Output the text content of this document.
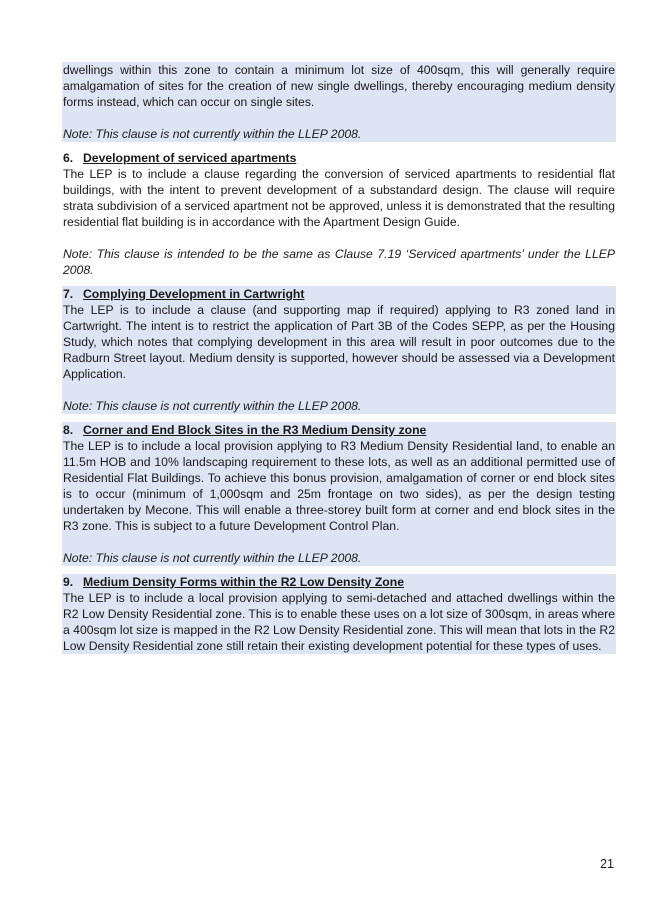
dwellings within this zone to contain a minimum lot size of 400sqm, this will generally require amalgamation of sites for the creation of new single dwellings, thereby encouraging medium density forms instead, which can occur on single sites.

Note: This clause is not currently within the LLEP 2008.

6. Development of serviced apartments

The LEP is to include a clause regarding the conversion of serviced apartments to residential flat buildings, with the intent to prevent development of a substandard design. The clause will require strata subdivision of a serviced apartment not be approved, unless it is demonstrated that the resulting residential flat building is in accordance with the Apartment Design Guide.

Note: This clause is intended to be the same as Clause 7.19 ‘Serviced apartments’ under the LLEP 2008.

7. Complying Development in Cartwright

The LEP is to include a clause (and supporting map if required) applying to R3 zoned land in Cartwright. The intent is to restrict the application of Part 3B of the Codes SEPP, as per the Housing Study, which notes that complying development in this area will result in poor outcomes due to the Radburn Street layout. Medium density is supported, however should be assessed via a Development Application.

Note: This clause is not currently within the LLEP 2008.

8. Corner and End Block Sites in the R3 Medium Density zone

The LEP is to include a local provision applying to R3 Medium Density Residential land, to enable an 11.5m HOB and 10% landscaping requirement to these lots, as well as an additional permitted use of Residential Flat Buildings. To achieve this bonus provision, amalgamation of corner or end block sites is to occur (minimum of 1,000sqm and 25m frontage on two sides), as per the design testing undertaken by Mecone. This will enable a three-storey built form at corner and end block sites in the R3 zone. This is subject to a future Development Control Plan.

Note: This clause is not currently within the LLEP 2008.

9. Medium Density Forms within the R2 Low Density Zone

The LEP is to include a local provision applying to semi-detached and attached dwellings within the R2 Low Density Residential zone. This is to enable these uses on a lot size of 300sqm, in areas where a 400sqm lot size is mapped in the R2 Low Density Residential zone. This will mean that lots in the R2 Low Density Residential zone still retain their existing development potential for these types of uses.

21
